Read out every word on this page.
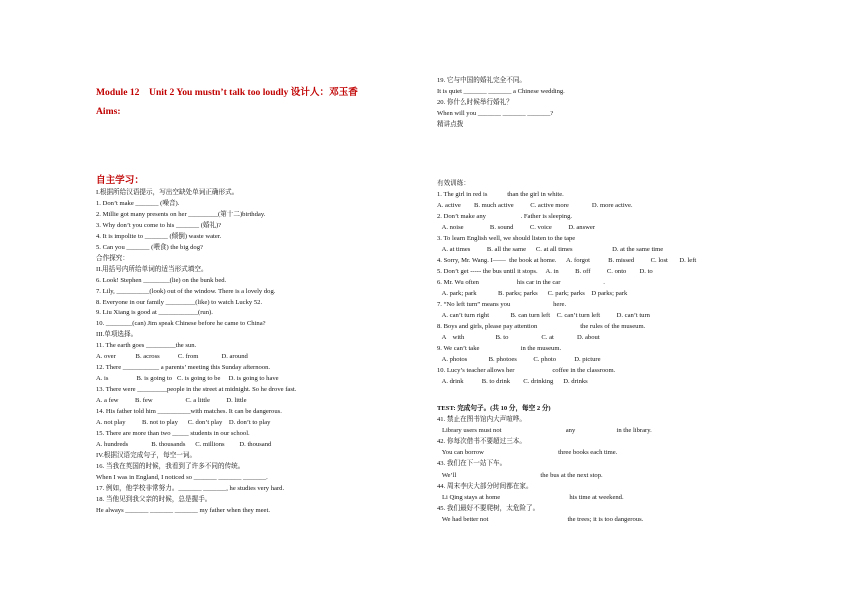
Module 12    Unit 2 You mustn’t talk too loudly 设计人：邓玉香
Aims:
自主学习：
I.根据所给汉语提示，写出空缺处单词正确形式。
1. Don’t make _______ (噪音).
2. Millie got many presents on her _________(第十二)birthday.
3. Why don’t you come to his _______ (婚礼)?
4. It is impolite to _______ (倾倒) waste water.
5. Can you _______ (喂食) the big dog?
合作探究：
II.用括号内所给单词的适当形式填空。
6. Look! Stephen ________(lie) on the bunk bed.
7. Lily, __________(look) out of the window. There is a lovely dog.
8. Everyone in our family _________(like) to watch Lucky 52.
9. Liu Xiang is good at ____________(run).
10. ________(can) Jim speak Chinese before he came to China?
III.单项选择。
11. The earth goes _________the sun.
A. over            B. across           C. from              D. around
12. There ___________ a parents’ meeting this Sunday afternoon.
A. is                 B. is going to   C. is going to be     D. is going to have
13. There were _________people in the street at midnight. So he drove fast.
A. a few          B. few                    C. a little          D. little
14. His father told him __________with matches. It can be dangerous.
A. not play          B. not to play      C. don’t play    D. don’t to play
15. There are more than two _____ students in our school.
A. hundreds              B. thousands      C. millions         D. thousand
IV.根据汉语完成句子，每空一词。
16. 当我在英国的时候，我看到了许多不同的传统。
When I was in England, I noticed so _______ _______ _______.
17. 例如，他学校非常努力。_______ _______, he studies very hard.
18. 当他见到我父亲的时候，总是握手。
He always _______ _______ _______ my father when they meet.
19. 它与中国的婚礼完全不同。
It is quiet _______ _______ a Chinese wedding.
20. 你什么时候举行婚礼？
When will you _______ _______ _______?
精讲点拨
有效训练：
1. The girl in red is            than the girl in white.
A. active        B. much active          C. active more              D. more active.
2. Don’t make any                     . Father is sleeping.
A. noise                B. sound          C. voice          D. answer
3. To learn English well, we should listen to the tape
A. at times          B. all the same      C. at all times                        D. at the same time
4. Sorry, Mr. Wang. I——  the book at home.      A. forgot           B. missed          C. lost       D. left
5. Don’t get ----- the bus until it stops.     A. in          B. off          C. onto        D. to
6. Mr. Wu often                       his car in the car                          .
A. park; park             B. parks; parks      C. park; parks    D parks; park
7. “No left turn” means you                          here.
A. can’t turn right             B. can turn left    C. can’t turn left          D. can’t turn
8. Boys and girls, please pay attention                          the rules of the museum.
A    with                   B. to                    C. at              D. about
9. We can’t take                         in the museum.
A. photos             B. photoes          C. photo           D. picture
10. Lucy’s teacher allows her                       coffee in the classroom.
A. drink           B. to drink        C. drinking      D. drinks
TEST: 完成句子。(共 10 分，每空 2 分)
41. 禁止在图书馆内大声喧哗。
Library users must not                                       any                         in the library.
42. 你每次借书不要超过三本。
You can borrow                                             three books each time.
43. 我们在下一站下车。
We’ll                                                   the bus at the next stop.
44. 周末李庆大部分时间都在家。
Li Qing stays at home                                          his time at weekend.
45. 我们最好不要爬树，太危险了。
We had better not                                                the trees; it is too dangerous.
